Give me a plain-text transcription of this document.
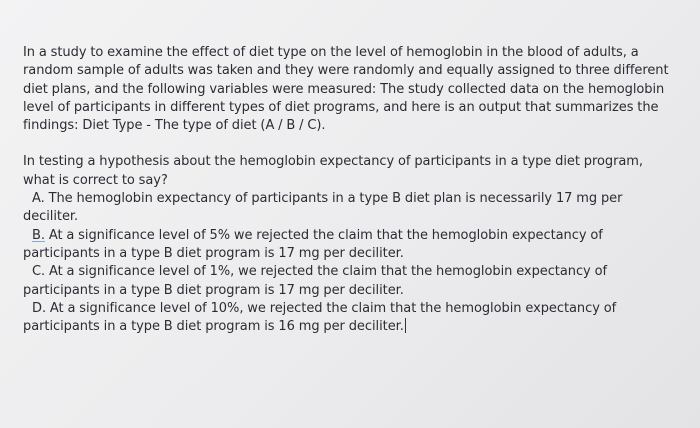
In a study to examine the effect of diet type on the level of hemoglobin in the blood of adults, a random sample of adults was taken and they were randomly and equally assigned to three different diet plans, and the following variables were measured: The study collected data on the hemoglobin level of participants in different types of diet programs, and here is an output that summarizes the findings: Diet Type - The type of diet (A / B / C).

In testing a hypothesis about the hemoglobin expectancy of participants in a type diet program, what is correct to say?

A. The hemoglobin expectancy of participants in a type B diet plan is necessarily 17 mg per deciliter.

B. At a significance level of 5% we rejected the claim that the hemoglobin expectancy of participants in a type B diet program is 17 mg per deciliter.

C. At a significance level of 1%, we rejected the claim that the hemoglobin expectancy of participants in a type B diet program is 17 mg per deciliter.

D. At a significance level of 10%, we rejected the claim that the hemoglobin expectancy of participants in a type B diet program is 16 mg per deciliter.
